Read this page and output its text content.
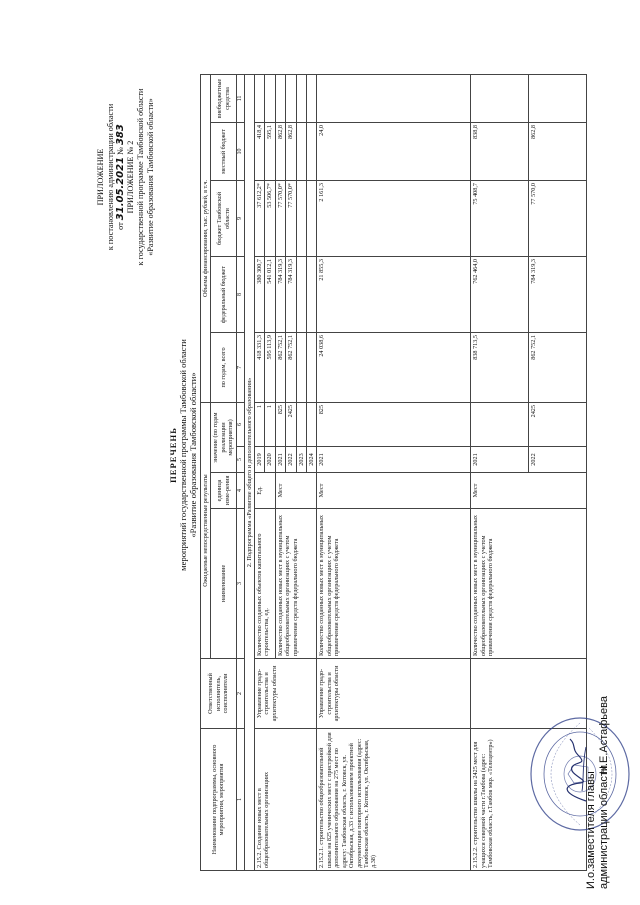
ПРИЛОЖЕНИЕ к постановлению администрации области от 31.05.2021 № 383
ПРИЛОЖЕНИЕ № 2 к государственной программе Тамбовской области «Развитие образования Тамбовской области»
ПЕРЕЧЕНЬ мероприятий государственной программы Тамбовской области «Развитие образования Тамбовской области»
Наименование подпрограммы, основного мероприятия, мероприятия	Ответственный исполнитель, соисполнители	Ожидаемые непосредственные результаты				Объемы финансирования, тыс. рублей, в т.ч.				
		наименование	единица изме-рения	значение (по годам реализации мероприятия)		по годам, всего	федеральный бюджет	бюджет Тамбовской области	местный бюджет	внебюджетные средства
1	2	3	4	5	6	7	8	9	10	11
2. Подпрограмма «Развитие общего и дополнительного образования»										
2.15.2. Создание новых мест в общеобразовательных организациях	Управление градо-строительства и архитектуры области	Количество созданных объектов капитального строительства, ед.	Ед.	2019	1	418 331,3	380 300,7	37 612,2*	418,4	
				2020	1	595 113,9	541 012,1	53 506,7*	595,1	
		Количество созданных новых мест в муниципальных общеобразовательных организациях с учетом привлечения средств федерального бюджета	Мест	2021	825	862 752,1	784 319,3	77 570,0*	862,8	
				2022	2425	862 752,1	784 319,3	77 570,0*	862,8	
				2023						
				2024						
2.15.2.1. строительство общеобразовательной школы на 825 ученических мест с пристройкой для дополнительного образования на 275 мест по адресу: Тамбовская область, г. Котовск, ул. Октябрьская, д.33 с использованием проектной документации повторного использования (адрес: Тамбовская область, г. Котовск, ул. Октябрьская, д.38)	Управление градо-строительства и архитектуры области	Количество созданных новых мест в муниципальных общеобразовательных организациях с учетом привлечения средств федерального бюджета	Мест	2021	825	24 038,6	21 855,3	2 161,3	24,0	
2.15.2.2. строительство школы на 2425 мест для учащихся северной части г.Тамбова (адрес: Тамбовская область, г.Тамбов мкр. «Телецентр»)		Количество созданных новых мест в муниципальных общеобразовательных организациях с учетом привлечения средств федерального бюджета	Мест	2021		838 713,5	762 464,0	75 408,7	838,8	
				2022	2425	862 752,1	784 319,3	77 570,0	862,8	
И.о.заместителя главы администрации области
Н.Е.Астафьева
